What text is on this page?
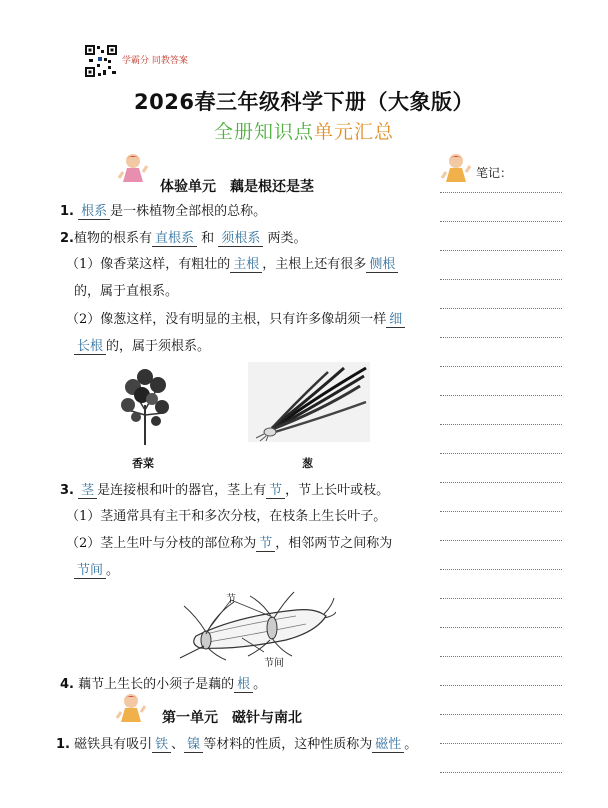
学霸分 同教答案
2026春三年级科学下册（大象版）
全册知识点单元汇总
笔记：
体验单元 藕是根还是茎
1. 根系 是一株植物全部根的总称。
2.植物的根系有 直根系 和 须根系 两类。
（1）像香菜这样，有粗壮的 主根 ，主根上还有很多 侧根
的，属于直根系。
（2）像葱这样，没有明显的主根，只有许多像胡须一样 细
长根 的，属于须根系。
香菜	葱
3. 茎 是连接根和叶的器官，茎上有 节 ，节上长叶或枝。
（1）茎通常具有主干和多次分枝，在枝条上生长叶子。
（2）茎上生叶与分枝的部位称为 节 ，相邻两节之间称为
节间 。
节
节间
4. 藕节上生长的小须子是藕的 根 。
第一单元 磁针与南北
1. 磁铁具有吸引 铁 、 镍 等材料的性质，这种性质称为 磁性 。
